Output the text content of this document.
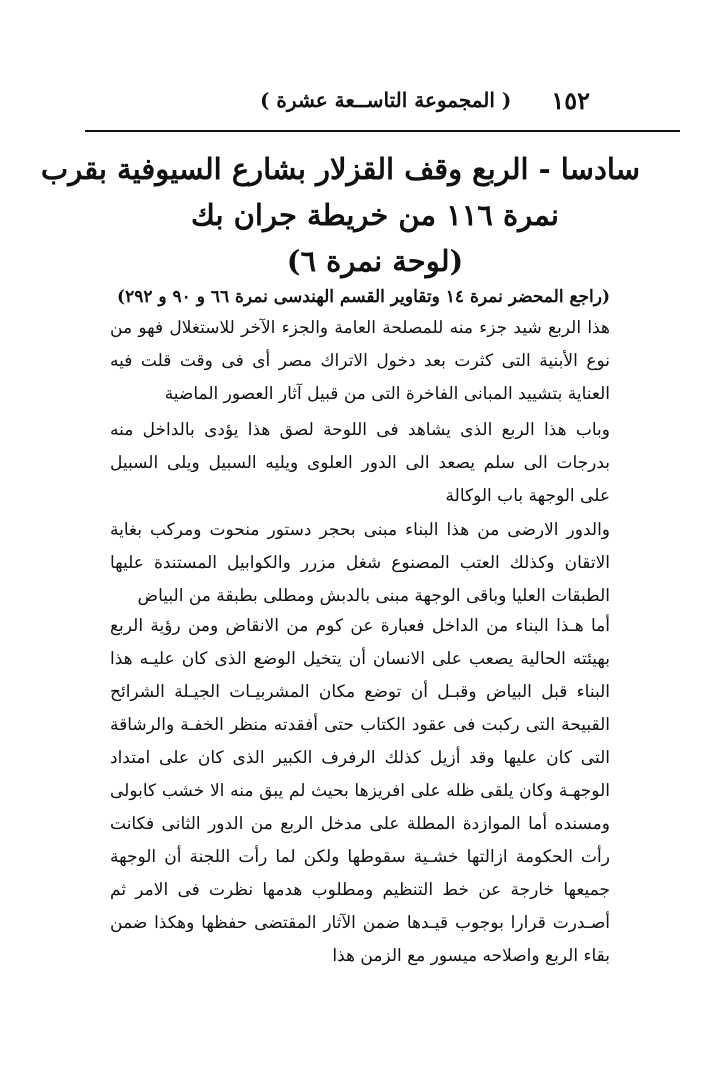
١٥٢
( المجموعة التاســعة عشرة )
سادسا - الربع وقف القزلار بشارع السيوفية بقرب
نمرة ١١٦ من خريطة جران بك
(لوحة نمرة ٦)
(راجع المحضر نمرة ١٤ وتقاوير القسم الهندسى نمرة ٦٦ و ٩٠ و ٢٩٢)

هذا الربع شيد جزء منه للمصلحة العامة والجزء الآخر للاستغلال فهو من نوع الأبنية التى كثرت بعد دخول الاتراك مصر أى فى وقت قلت فيه العناية بتشييد المبانى الفاخرة التى من قبيل آثار العصور الماضية

وباب هذا الربع الذى يشاهد فى اللوحة لصق هذا يؤدى بالداخل منه بدرجات الى سلم يصعد الى الدور العلوى ويليه السبيل ويلى السبيل على الوجهة باب الوكالة

والدور الارضى من هذا البناء مبنى بحجر دستور منحوت ومركب بغاية الاتقان وكذلك العتب المصنوع شغل مزرر والكوابيل المستندة عليها الطبقات العليا وباقى الوجهة مبنى بالدبش ومطلى بطبقة من البياض

أما هـذا البناء من الداخل فعبارة عن كوم من الانقاض ومن رؤية الربع بهيئته الحالية يصعب على الانسان أن يتخيل الوضع الذى كان عليـه هذا البناء قبل البياض وقبـل أن توضع مكان المشربيـات الجيـلة الشرائح القبيحة التى ركبت فى عقود الكتاب حتى أفقدته منظر الخفـة والرشاقة التى كان عليها وقد أزيل كذلك الرفرف الكبير الذى كان على امتداد الوجهـة وكان يلقى ظله على افريزها بحيث لم يبق منه الا خشب كابولى ومسنده أما الموازدة المطلة على مدخل الربع من الدور الثانى فكانت رأت الحكومة ازالتها خشـية سقوطها ولكن لما رأت اللجنة أن الوجهة جميعها خارجة عن خط التنظيم ومطلوب هدمها نظرت فى الامر ثم أصـدرت قرارا بوجوب قيـدها ضمن الآثار المقتضى حفظها وهكذا ضمن بقاء الربع واصلاحه ميسور مع الزمن هذا
